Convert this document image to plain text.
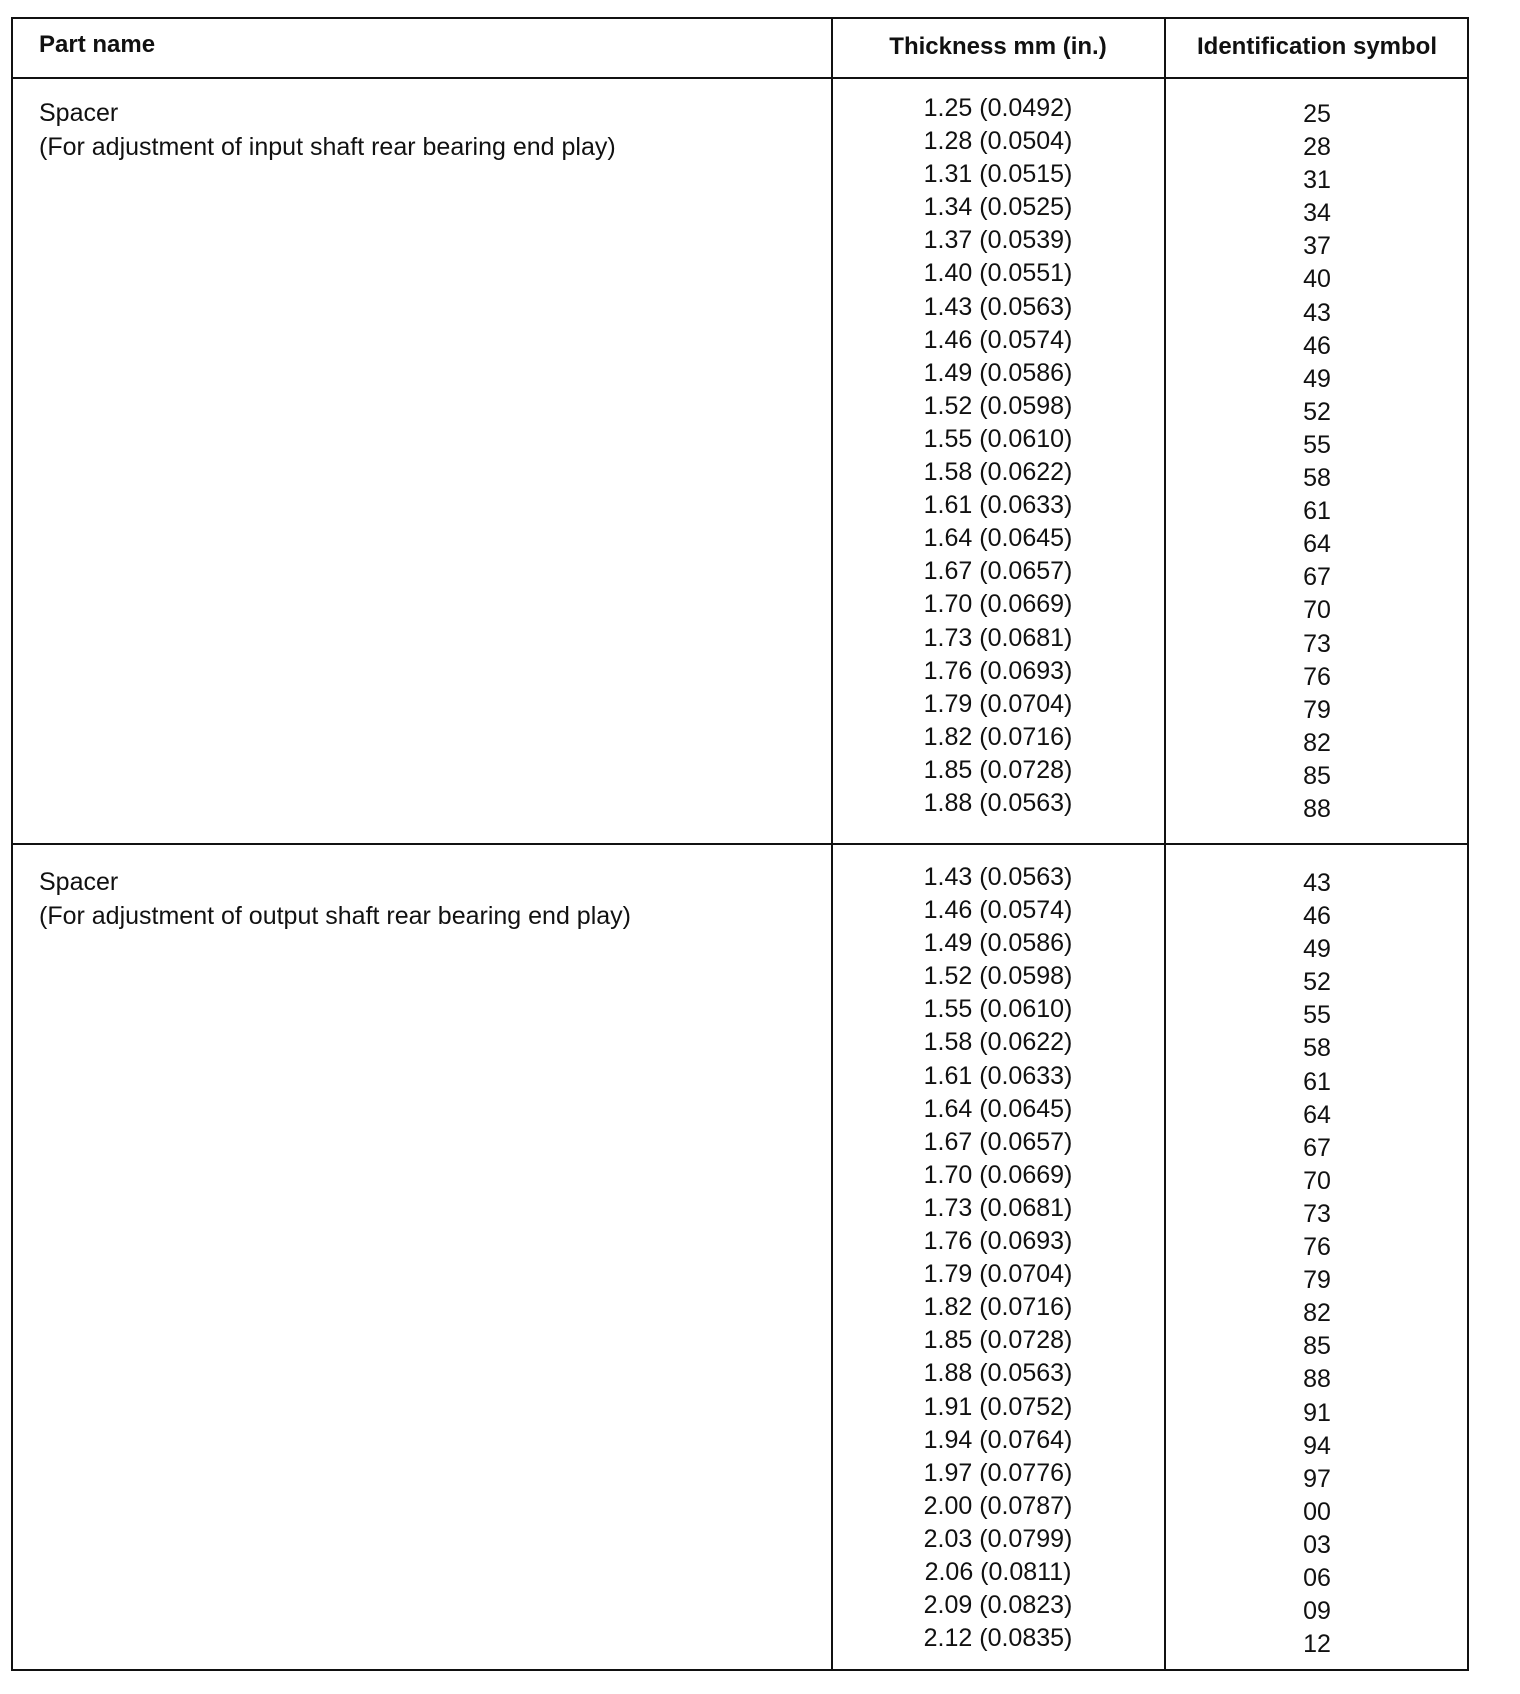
Part name	Thickness mm (in.)	Identification symbol
Spacer
(For adjustment of input shaft rear bearing end play)
1.25 (0.0492)
1.28 (0.0504)
1.31 (0.0515)
1.34 (0.0525)
1.37 (0.0539)
1.40 (0.0551)
1.43 (0.0563)
1.46 (0.0574)
1.49 (0.0586)
1.52 (0.0598)
1.55 (0.0610)
1.58 (0.0622)
1.61 (0.0633)
1.64 (0.0645)
1.67 (0.0657)
1.70 (0.0669)
1.73 (0.0681)
1.76 (0.0693)
1.79 (0.0704)
1.82 (0.0716)
1.85 (0.0728)
1.88 (0.0563)
25
28
31
34
37
40
43
46
49
52
55
58
61
64
67
70
73
76
79
82
85
88
Spacer
(For adjustment of output shaft rear bearing end play)
1.43 (0.0563)
1.46 (0.0574)
1.49 (0.0586)
1.52 (0.0598)
1.55 (0.0610)
1.58 (0.0622)
1.61 (0.0633)
1.64 (0.0645)
1.67 (0.0657)
1.70 (0.0669)
1.73 (0.0681)
1.76 (0.0693)
1.79 (0.0704)
1.82 (0.0716)
1.85 (0.0728)
1.88 (0.0563)
1.91 (0.0752)
1.94 (0.0764)
1.97 (0.0776)
2.00 (0.0787)
2.03 (0.0799)
2.06 (0.0811)
2.09 (0.0823)
2.12 (0.0835)
43
46
49
52
55
58
61
64
67
70
73
76
79
82
85
88
91
94
97
00
03
06
09
12
